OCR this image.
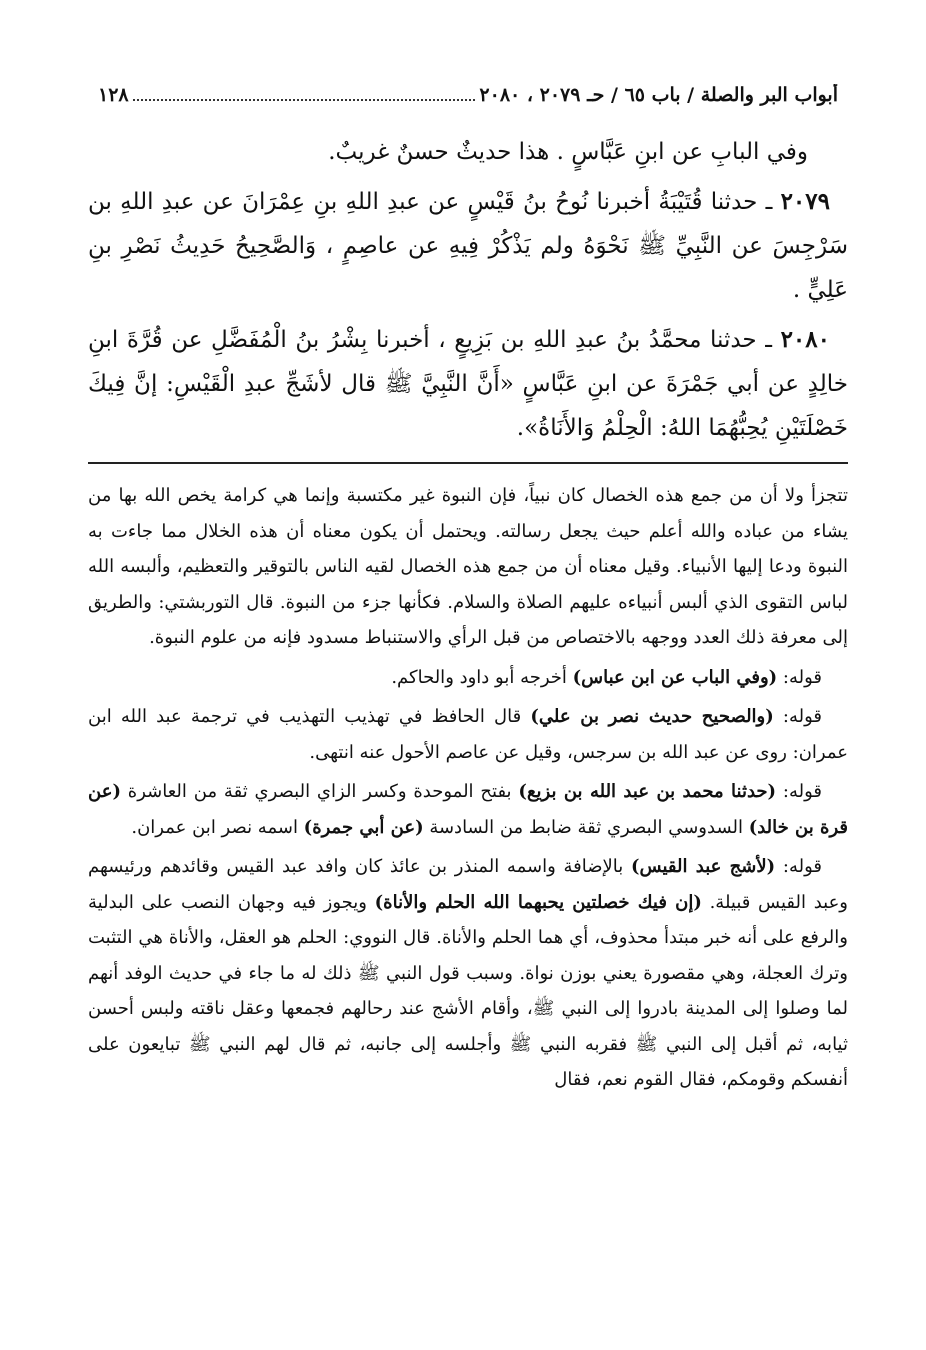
أبواب البر والصلة / باب ٦٥ / حـ ٢٠٧٩ ، ٢٠٨٠
١٢٨

وفي البابِ عن ابنِ عَبَّاسٍ . هذا حديثٌ حسنٌ غريبٌ.

٢٠٧٩ ـ حدثنا قُتَيْبَةُ أخبرنا نُوحُ بنُ قَيْسٍ عن عبدِ اللهِ بنِ عِمْرَانَ عن عبدِ اللهِ بن سَرْجِسَ عن النَّبِيِّ ﷺ نَحْوَهُ ولم يَذْكُرْ فِيهِ عن عاصِمٍ ، وَالصَّحِيحُ حَدِيثُ نَصْرِ بنِ عَلِيٍّ .

٢٠٨٠ ـ حدثنا محمَّدُ بنُ عبدِ اللهِ بن بَزِيعٍ ، أخبرنا بِشْرُ بنُ الْمُفَضَّلِ عن قُرَّةَ ابنِ خالِدٍ عن أبي جَمْرَةَ عن ابنِ عَبَّاسٍ «أَنَّ النَّبِيَّ ﷺ قال لأشَجِّ عبدِ الْقَيْسِ: إنَّ فِيكَ خَصْلَتَيْنِ يُحِبُّهُمَا اللهُ: الْحِلْمُ وَالأَنَاةُ».

تتجزأ ولا أن من جمع هذه الخصال كان نبياً، فإن النبوة غير مكتسبة وإنما هي كرامة يخص الله بها من يشاء من عباده والله أعلم حيث يجعل رسالته. ويحتمل أن يكون معناه أن هذه الخلال مما جاءت به النبوة ودعا إليها الأنبياء. وقيل معناه أن من جمع هذه الخصال لقيه الناس بالتوقير والتعظيم، وألبسه الله لباس التقوى الذي ألبس أنبياءه عليهم الصلاة والسلام. فكأنها جزء من النبوة. قال التوربشتي: والطريق إلى معرفة ذلك العدد ووجهه بالاختصاص من قبل الرأي والاستنباط مسدود فإنه من علوم النبوة.

قوله: (وفي الباب عن ابن عباس) أخرجه أبو داود والحاكم.

قوله: (والصحيح حديث نصر بن علي) قال الحافظ في تهذيب التهذيب في ترجمة عبد الله ابن عمران: روى عن عبد الله بن سرجس، وقيل عن عاصم الأحول عنه انتهى.

قوله: (حدثنا محمد بن عبد الله بن بزيع) بفتح الموحدة وكسر الزاي البصري ثقة من العاشرة (عن قرة بن خالد) السدوسي البصري ثقة ضابط من السادسة (عن أبي جمرة) اسمه نصر ابن عمران.

قوله: (لأشج عبد القيس) بالإضافة واسمه المنذر بن عائذ كان وافد عبد القيس وقائدهم ورئيسهم وعبد القيس قبيلة. (إن فيك خصلتين يحبهما الله الحلم والأناة) ويجوز فيه وجهان النصب على البدلية والرفع على أنه خبر مبتدأ محذوف، أي هما الحلم والأناة. قال النووي: الحلم هو العقل، والأناة هي التثبت وترك العجلة، وهي مقصورة يعني بوزن نواة. وسبب قول النبي ﷺ ذلك له ما جاء في حديث الوفد أنهم لما وصلوا إلى المدينة بادروا إلى النبي ﷺ، وأقام الأشج عند رحالهم فجمعها وعقل ناقته ولبس أحسن ثيابه، ثم أقبل إلى النبي ﷺ فقربه النبي ﷺ وأجلسه إلى جانبه، ثم قال لهم النبي ﷺ تبايعون على أنفسكم وقومكم، فقال القوم نعم، فقال
